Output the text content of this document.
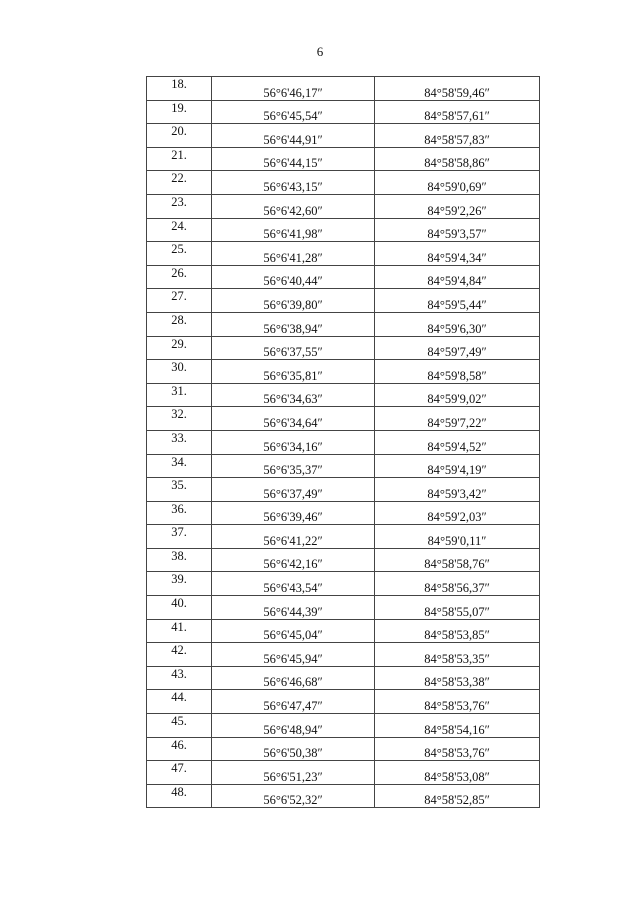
6
18.	56°6'46,17″	84°58'59,46″
19.	56°6'45,54″	84°58'57,61″
20.	56°6'44,91″	84°58'57,83″
21.	56°6'44,15″	84°58'58,86″
22.	56°6'43,15″	84°59'0,69″
23.	56°6'42,60″	84°59'2,26″
24.	56°6'41,98″	84°59'3,57″
25.	56°6'41,28″	84°59'4,34″
26.	56°6'40,44″	84°59'4,84″
27.	56°6'39,80″	84°59'5,44″
28.	56°6'38,94″	84°59'6,30″
29.	56°6'37,55″	84°59'7,49″
30.	56°6'35,81″	84°59'8,58″
31.	56°6'34,63″	84°59'9,02″
32.	56°6'34,64″	84°59'7,22″
33.	56°6'34,16″	84°59'4,52″
34.	56°6'35,37″	84°59'4,19″
35.	56°6'37,49″	84°59'3,42″
36.	56°6'39,46″	84°59'2,03″
37.	56°6'41,22″	84°59'0,11″
38.	56°6'42,16″	84°58'58,76″
39.	56°6'43,54″	84°58'56,37″
40.	56°6'44,39″	84°58'55,07″
41.	56°6'45,04″	84°58'53,85″
42.	56°6'45,94″	84°58'53,35″
43.	56°6'46,68″	84°58'53,38″
44.	56°6'47,47″	84°58'53,76″
45.	56°6'48,94″	84°58'54,16″
46.	56°6'50,38″	84°58'53,76″
47.	56°6'51,23″	84°58'53,08″
48.	56°6'52,32″	84°58'52,85″
